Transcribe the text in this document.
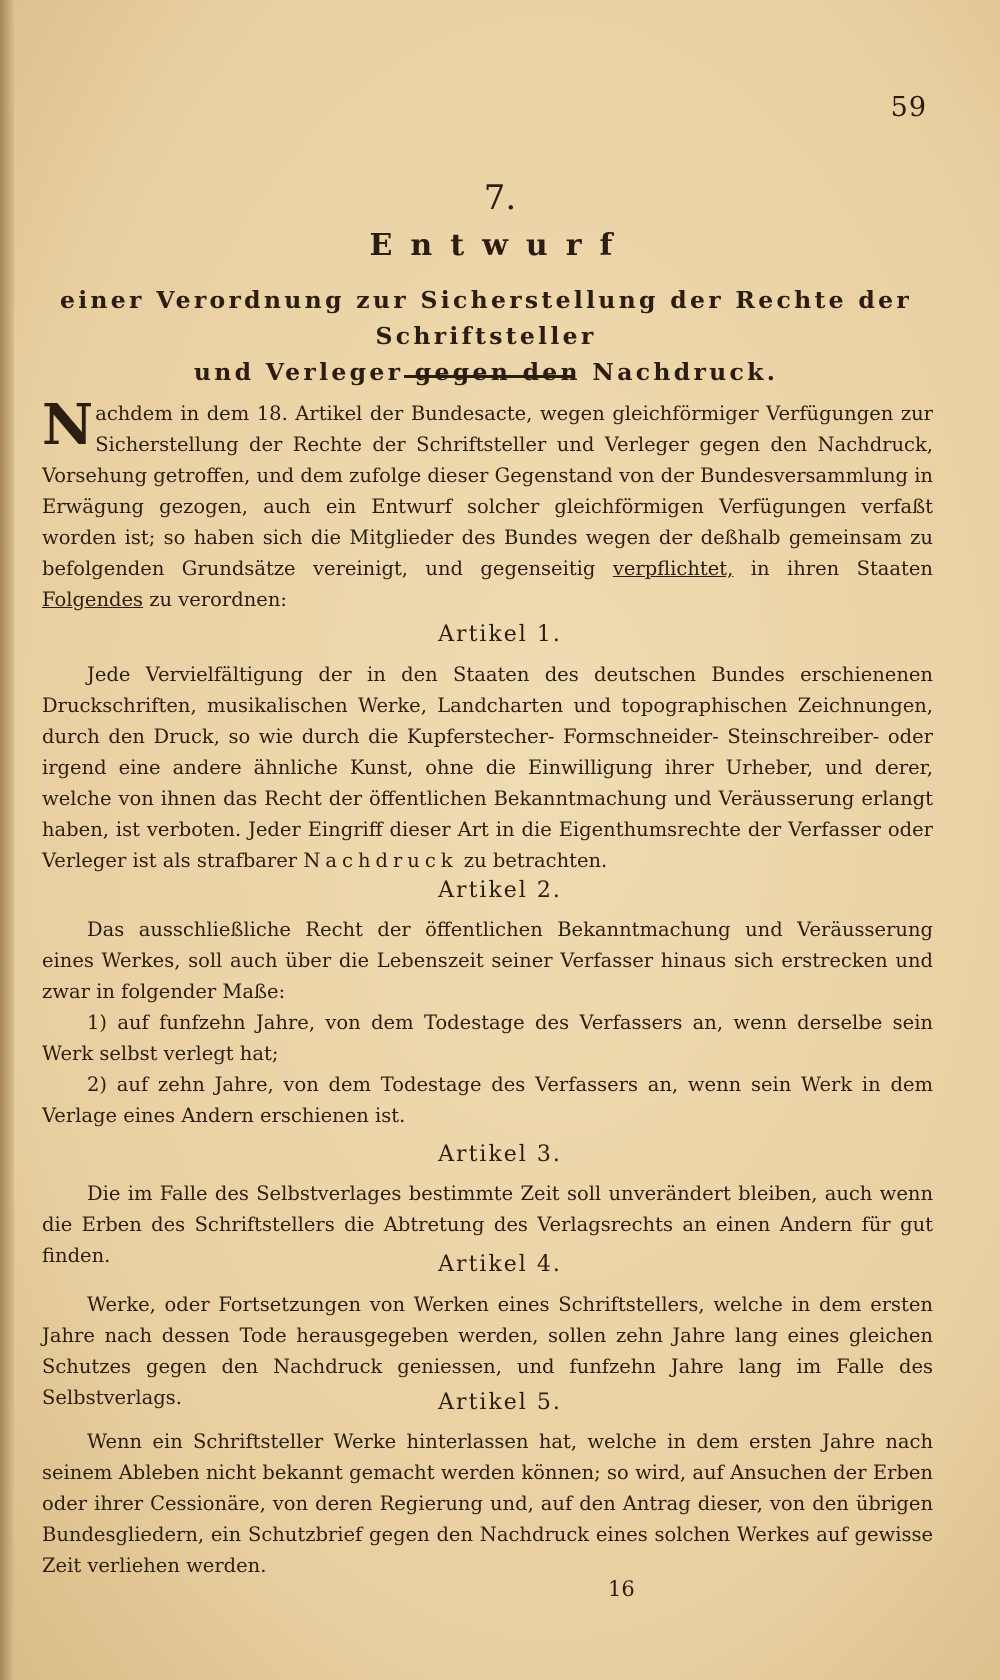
59
7.
Entwurf
einer Verordnung zur Sicherstellung der Rechte der Schriftsteller
und Verleger gegen den Nachdruck.

Nachdem in dem 18. Artikel der Bundesacte, wegen gleichförmiger Verfügungen zur Sicherstellung der Rechte der Schriftsteller und Verleger gegen den Nachdruck, Vorsehung getroffen, und dem zufolge dieser Gegenstand von der Bundesversammlung in Erwägung gezogen, auch ein Entwurf solcher gleichförmigen Verfügungen verfaßt worden ist; so haben sich die Mitglieder des Bundes wegen der deßhalb gemeinsam zu befolgenden Grundsätze vereinigt, und gegenseitig verpflichtet, in ihren Staaten Folgendes zu verordnen:

Artikel 1.

Jede Vervielfältigung der in den Staaten des deutschen Bundes erschienenen Druckschriften, musikalischen Werke, Landcharten und topographischen Zeichnungen, durch den Druck, so wie durch die Kupferstecher- Formschneider- Steinschreiber- oder irgend eine andere ähnliche Kunst, ohne die Einwilligung ihrer Urheber, und derer, welche von ihnen das Recht der öffentlichen Bekanntmachung und Veräusserung erlangt haben, ist verboten. Jeder Eingriff dieser Art in die Eigenthumsrechte der Verfasser oder Verleger ist als strafbarer Nachdruck zu betrachten.

Artikel 2.

Das ausschließliche Recht der öffentlichen Bekanntmachung und Veräusserung eines Werkes, soll auch über die Lebenszeit seiner Verfasser hinaus sich erstrecken und zwar in folgender Maße:

1) auf funfzehn Jahre, von dem Todestage des Verfassers an, wenn derselbe sein Werk selbst verlegt hat;

2) auf zehn Jahre, von dem Todestage des Verfassers an, wenn sein Werk in dem Verlage eines Andern erschienen ist.

Artikel 3.

Die im Falle des Selbstverlages bestimmte Zeit soll unverändert bleiben, auch wenn die Erben des Schriftstellers die Abtretung des Verlagsrechts an einen Andern für gut finden.	Artikel 4.

Werke, oder Fortsetzungen von Werken eines Schriftstellers, welche in dem ersten Jahre nach dessen Tode herausgegeben werden, sollen zehn Jahre lang eines gleichen Schutzes gegen den Nachdruck geniessen, und funfzehn Jahre lang im Falle des Selbstverlags.	Artikel 5.

Wenn ein Schriftsteller Werke hinterlassen hat, welche in dem ersten Jahre nach seinem Ableben nicht bekannt gemacht werden können; so wird, auf Ansuchen der Erben oder ihrer Cessionäre, von deren Regierung und, auf den Antrag dieser, von den übrigen Bundesgliedern, ein Schutzbrief gegen den Nachdruck eines solchen Werkes auf gewisse Zeit verliehen werden.

16
